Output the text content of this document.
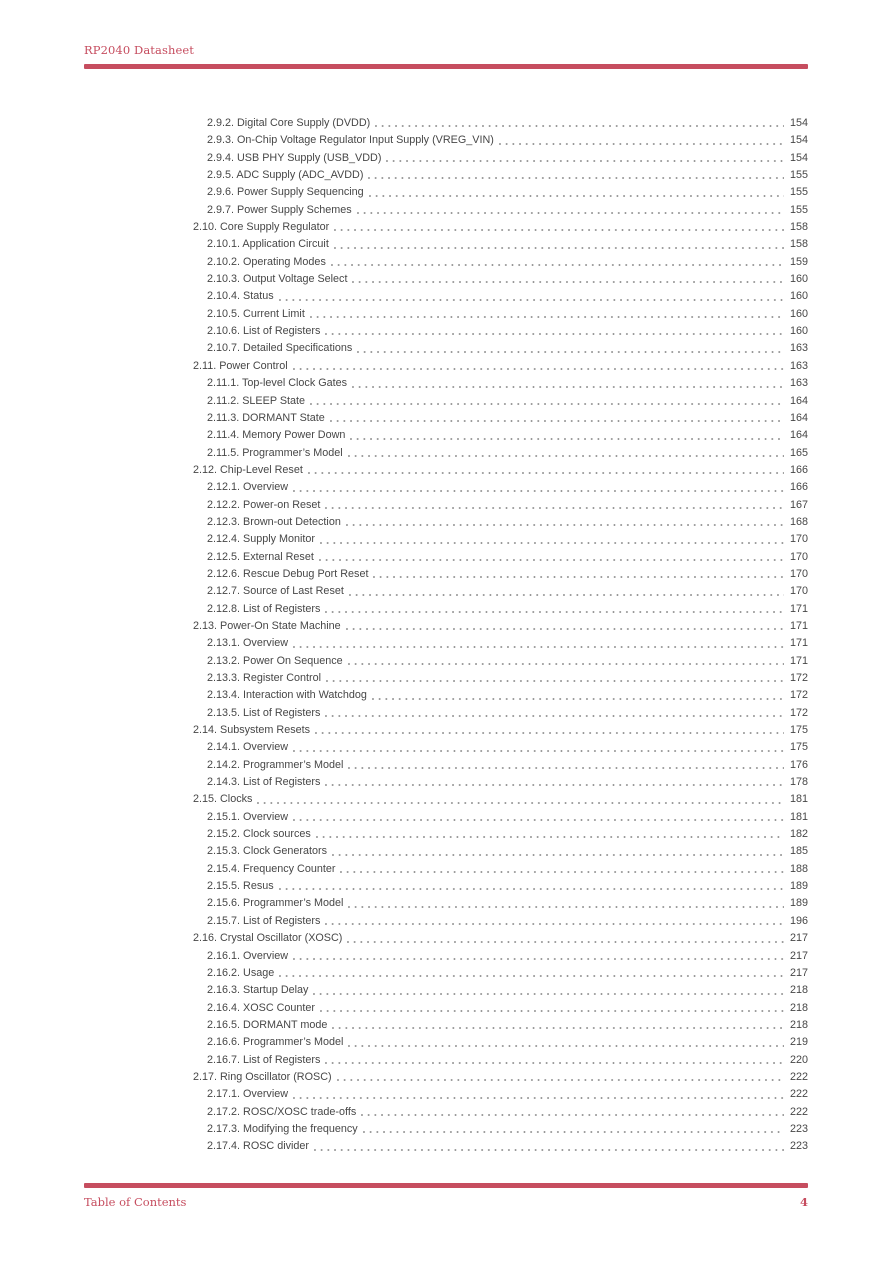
RP2040 Datasheet
2.9.2. Digital Core Supply (DVDD)	154
2.9.3. On-Chip Voltage Regulator Input Supply (VREG_VIN)	154
2.9.4. USB PHY Supply (USB_VDD)	154
2.9.5. ADC Supply (ADC_AVDD)	155
2.9.6. Power Supply Sequencing	155
2.9.7. Power Supply Schemes	155
2.10. Core Supply Regulator	158
2.10.1. Application Circuit	158
2.10.2. Operating Modes	159
2.10.3. Output Voltage Select	160
2.10.4. Status	160
2.10.5. Current Limit	160
2.10.6. List of Registers	160
2.10.7. Detailed Specifications	163
2.11. Power Control	163
2.11.1. Top-level Clock Gates	163
2.11.2. SLEEP State	164
2.11.3. DORMANT State	164
2.11.4. Memory Power Down	164
2.11.5. Programmer’s Model	165
2.12. Chip-Level Reset	166
2.12.1. Overview	166
2.12.2. Power-on Reset	167
2.12.3. Brown-out Detection	168
2.12.4. Supply Monitor	170
2.12.5. External Reset	170
2.12.6. Rescue Debug Port Reset	170
2.12.7. Source of Last Reset	170
2.12.8. List of Registers	171
2.13. Power-On State Machine	171
2.13.1. Overview	171
2.13.2. Power On Sequence	171
2.13.3. Register Control	172
2.13.4. Interaction with Watchdog	172
2.13.5. List of Registers	172
2.14. Subsystem Resets	175
2.14.1. Overview	175
2.14.2. Programmer’s Model	176
2.14.3. List of Registers	178
2.15. Clocks	181
2.15.1. Overview	181
2.15.2. Clock sources	182
2.15.3. Clock Generators	185
2.15.4. Frequency Counter	188
2.15.5. Resus	189
2.15.6. Programmer’s Model	189
2.15.7. List of Registers	196
2.16. Crystal Oscillator (XOSC)	217
2.16.1. Overview	217
2.16.2. Usage	217
2.16.3. Startup Delay	218
2.16.4. XOSC Counter	218
2.16.5. DORMANT mode	218
2.16.6. Programmer’s Model	219
2.16.7. List of Registers	220
2.17. Ring Oscillator (ROSC)	222
2.17.1. Overview	222
2.17.2. ROSC/XOSC trade-offs	222
2.17.3. Modifying the frequency	223
2.17.4. ROSC divider	223
Table of Contents	4
